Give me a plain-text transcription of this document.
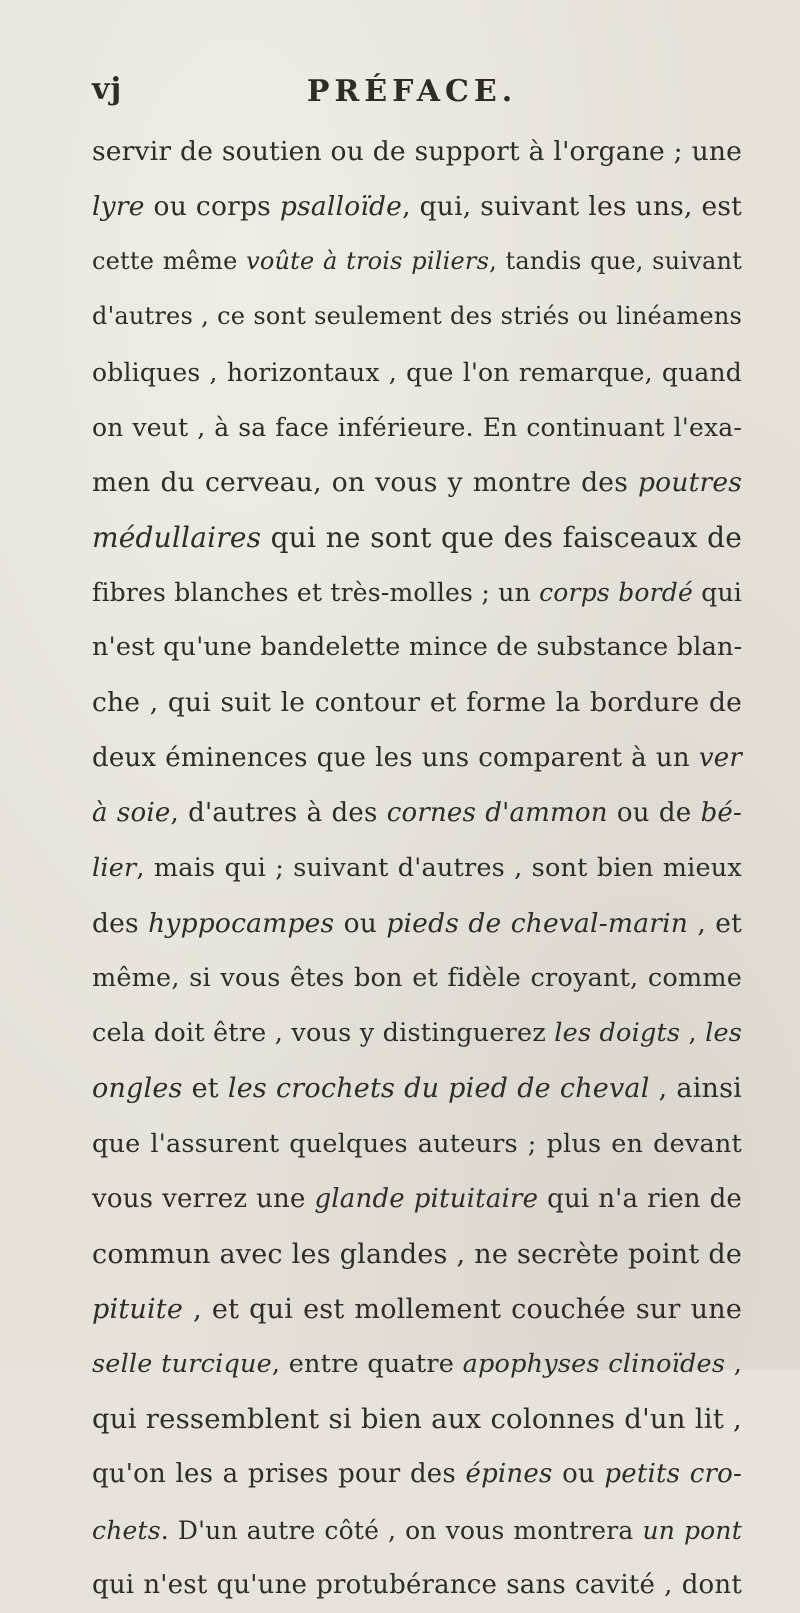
vj	PRÉFACE.
servir de soutien ou de support à l'organe ; une
lyre ou corps psalloïde, qui, suivant les uns, est
cette même voûte à trois piliers, tandis que, suivant
d'autres , ce sont seulement des striés ou linéamens
obliques , horizontaux , que l'on remarque, quand
on veut , à sa face inférieure. En continuant l'exa-
men du cerveau, on vous y montre des poutres
médullaires qui ne sont que des faisceaux de
fibres blanches et très-molles ; un corps bordé qui
n'est qu'une bandelette mince de substance blan-
che , qui suit le contour et forme la bordure de
deux éminences que les uns comparent à un ver
à soie, d'autres à des cornes d'ammon ou de bé-
lier, mais qui ; suivant d'autres , sont bien mieux
des hyppocampes ou pieds de cheval-marin , et
même, si vous êtes bon et fidèle croyant, comme
cela doit être , vous y distinguerez les doigts , les
ongles et les crochets du pied de cheval , ainsi
que l'assurent quelques auteurs ; plus en devant
vous verrez une glande pituitaire qui n'a rien de
commun avec les glandes , ne secrète point de
pituite , et qui est mollement couchée sur une
selle turcique, entre quatre apophyses clinoïdes ,
qui ressemblent si bien aux colonnes d'un lit ,
qu'on les a prises pour des épines ou petits cro-
chets. D'un autre côté , on vous montrera un pont
qui n'est qu'une protubérance sans cavité , dont
